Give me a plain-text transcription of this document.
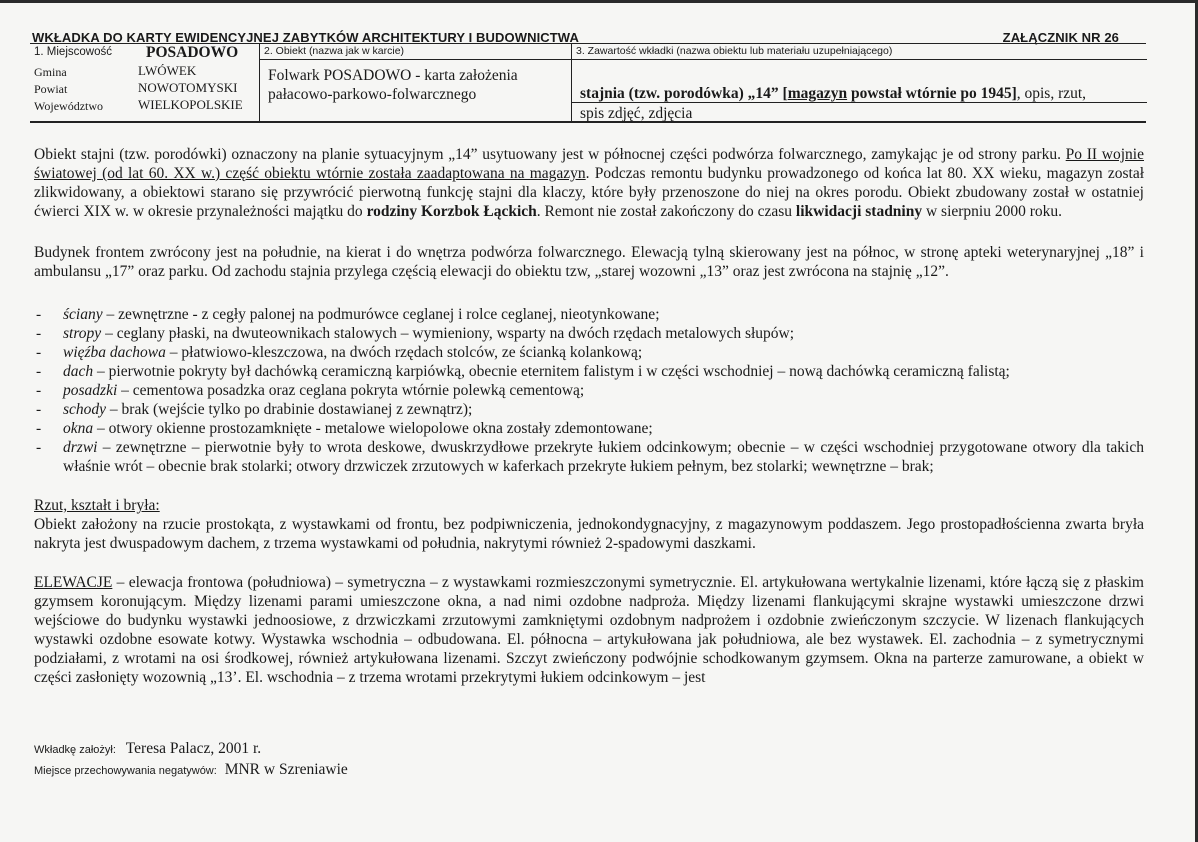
WKŁADKA DO KARTY EWIDENCYJNEJ ZABYTKÓW ARCHITEKTURY I BUDOWNICTWA	ZAŁĄCZNIK NR 26
1. Miejscowość POSADOWO
Gmina	LWÓWEK
Powiat	NOWOTOMYSKI
Województwo	WIELKOPOLSKIE
2. Obiekt (nazwa jak w karcie)
Folwark POSADOWO - karta założenia
pałacowo-parkowo-folwarcznego
3. Zawartość wkładki (nazwa obiektu lub materiału uzupełniającego)
stajnia (tzw. porodówka) „14” [magazyn powstał wtórnie po 1945], opis, rzut,
spis zdjęć, zdjęcia

Obiekt stajni (tzw. porodówki) oznaczony na planie sytuacyjnym „14” usytuowany jest w północnej części podwórza folwarcznego, zamykając je od strony parku. Po II wojnie światowej (od lat 60. XX w.) część obiektu wtórnie została zaadaptowana na magazyn. Podczas remontu budynku prowadzonego od końca lat 80. XX wieku, magazyn został zlikwidowany, a obiektowi starano się przywrócić pierwotną funkcję stajni dla klaczy, które były przenoszone do niej na okres porodu. Obiekt zbudowany został w ostatniej ćwierci XIX w. w okresie przynależności majątku do rodziny Korzbok Łąckich. Remont nie został zakończony do czasu likwidacji stadniny w sierpniu 2000 roku.

Budynek frontem zwrócony jest na południe, na kierat i do wnętrza podwórza folwarcznego. Elewacją tylną skierowany jest na północ, w stronę apteki weterynaryjnej „18” i ambulansu „17” oraz parku. Od zachodu stajnia przylega częścią elewacji do obiektu tzw, „starej wozowni „13” oraz jest zwrócona na stajnię „12”.

- ściany – zewnętrzne - z cegły palonej na podmurówce ceglanej i rolce ceglanej, nieotynkowane;
- stropy – ceglany płaski, na dwuteownikach stalowych – wymieniony, wsparty na dwóch rzędach metalowych słupów;
- więźba dachowa – płatwiowo-kleszczowa, na dwóch rzędach stolców, ze ścianką kolankową;
- dach – pierwotnie pokryty był dachówką ceramiczną karpiówką, obecnie eternitem falistym i w części wschodniej – nową dachówką ceramiczną falistą;
- posadzki – cementowa posadzka oraz ceglana pokryta wtórnie polewką cementową;
- schody – brak (wejście tylko po drabinie dostawianej z zewnątrz);
- okna – otwory okienne prostozamknięte - metalowe wielopolowe okna zostały zdemontowane;
- drzwi – zewnętrzne – pierwotnie były to wrota deskowe, dwuskrzydłowe przekryte łukiem odcinkowym; obecnie – w części wschodniej przygotowane otwory dla takich właśnie wrót – obecnie brak stolarki; otwory drzwiczek zrzutowych w kaferkach przekryte łukiem pełnym, bez stolarki; wewnętrzne – brak;

Rzut, kształt i bryła:

Obiekt założony na rzucie prostokąta, z wystawkami od frontu, bez podpiwniczenia, jednokondygnacyjny, z magazynowym poddaszem. Jego prostopadłościenna zwarta bryła nakryta jest dwuspadowym dachem, z trzema wystawkami od południa, nakrytymi również 2-spadowymi daszkami.

ELEWACJE – elewacja frontowa (południowa) – symetryczna – z wystawkami rozmieszczonymi symetrycznie. El. artykułowana wertykalnie lizenami, które łączą się z płaskim gzymsem koronującym. Między lizenami parami umieszczone okna, a nad nimi ozdobne nadproża. Między lizenami flankującymi skrajne wystawki umieszczone drzwi wejściowe do budynku wystawki jednoosiowe, z drzwiczkami zrzutowymi zamkniętymi ozdobnym nadprożem i ozdobnie zwieńczonym szczycie. W lizenach flankujących wystawki ozdobne esowate kotwy. Wystawka wschodnia – odbudowana. El. północna – artykułowana jak południowa, ale bez wystawek. El. zachodnia – z symetrycznymi podziałami, z wrotami na osi środkowej, również artykułowana lizenami. Szczyt zwieńczony podwójnie schodkowanym gzymsem. Okna na parterze zamurowane, a obiekt w części zasłonięty wozownią „13’. El. wschodnia – z trzema wrotami przekrytymi łukiem odcinkowym – jest

Wkładkę założył: Teresa Palacz, 2001 r.
Miejsce przechowywania negatywów: MNR w Szreniawie
